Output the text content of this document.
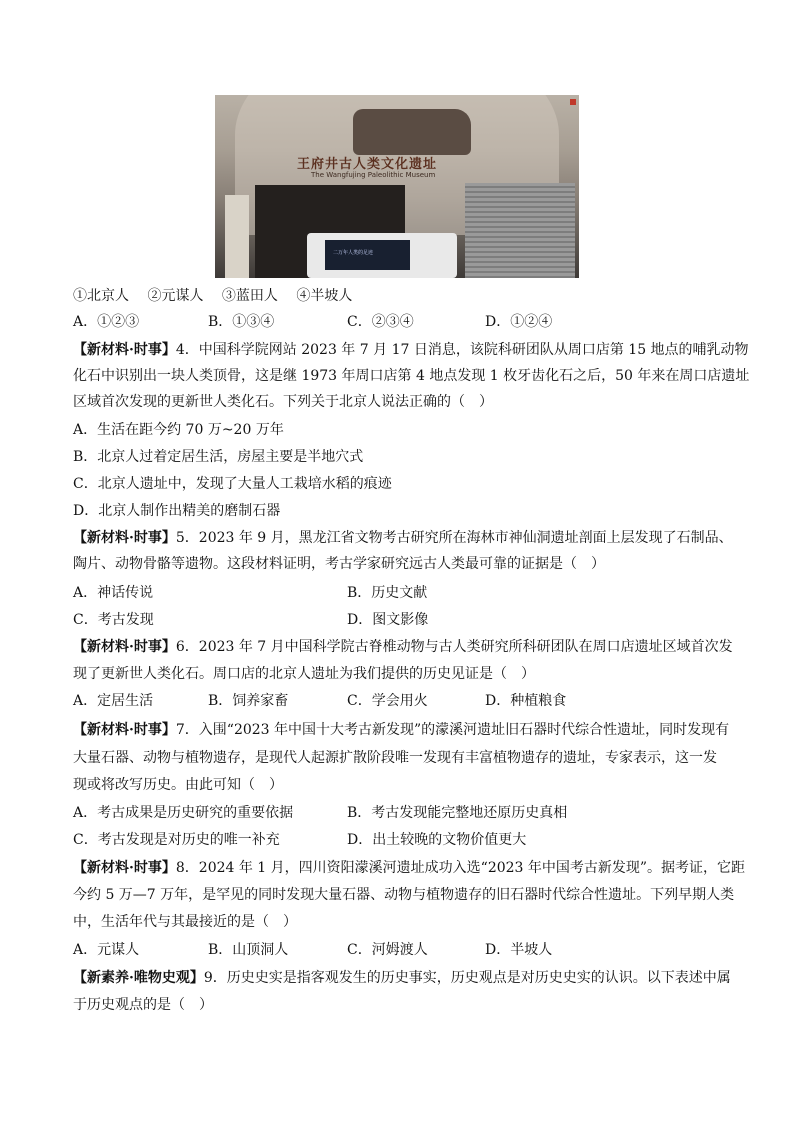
王府井古人类文化遗址
The Wangfujing Paleolithic Museum
二万年人类的足迹
①北京人　 ②元谋人　 ③蓝田人　 ④半坡人
A．①②③	B．①③④	C．②③④	D．①②④
【新材料·时事】4．中国科学院网站 2023 年 7 月 17 日消息，该院科研团队从周口店第 15 地点的哺乳动物
化石中识别出一块人类顶骨，这是继 1973 年周口店第 4 地点发现 1 枚牙齿化石之后，50 年来在周口店遗址
区域首次发现的更新世人类化石。下列关于北京人说法正确的（　）
A．生活在距今约 70 万~20 万年
B．北京人过着定居生活，房屋主要是半地穴式
C．北京人遗址中，发现了大量人工栽培水稻的痕迹
D．北京人制作出精美的磨制石器
【新材料·时事】5．2023 年 9 月，黑龙江省文物考古研究所在海林市神仙洞遗址剖面上层发现了石制品、
陶片、动物骨骼等遗物。这段材料证明，考古学家研究远古人类最可靠的证据是（　）
A．神话传说	B．历史文献
C．考古发现	D．图文影像
【新材料·时事】6．2023 年 7 月中国科学院古脊椎动物与古人类研究所科研团队在周口店遗址区域首次发
现了更新世人类化石。周口店的北京人遗址为我们提供的历史见证是（　）
A．定居生活	B．饲养家畜	C．学会用火	D．种植粮食
【新材料·时事】7．入围“2023 年中国十大考古新发现”的濛溪河遗址旧石器时代综合性遗址，同时发现有
大量石器、动物与植物遗存，是现代人起源扩散阶段唯一发现有丰富植物遗存的遗址，专家表示，这一发
现或将改写历史。由此可知（　）
A．考古成果是历史研究的重要依据	B．考古发现能完整地还原历史真相
C．考古发现是对历史的唯一补充	D．出土较晚的文物价值更大
【新材料·时事】8．2024 年 1 月，四川资阳濛溪河遗址成功入选“2023 年中国考古新发现”。据考证，它距
今约 5 万—7 万年，是罕见的同时发现大量石器、动物与植物遗存的旧石器时代综合性遗址。下列早期人类
中，生活年代与其最接近的是（　）
A．元谋人	B．山顶洞人	C．河姆渡人	D．半坡人
【新素养·唯物史观】9．历史史实是指客观发生的历史事实，历史观点是对历史史实的认识。以下表述中属
于历史观点的是（　）
